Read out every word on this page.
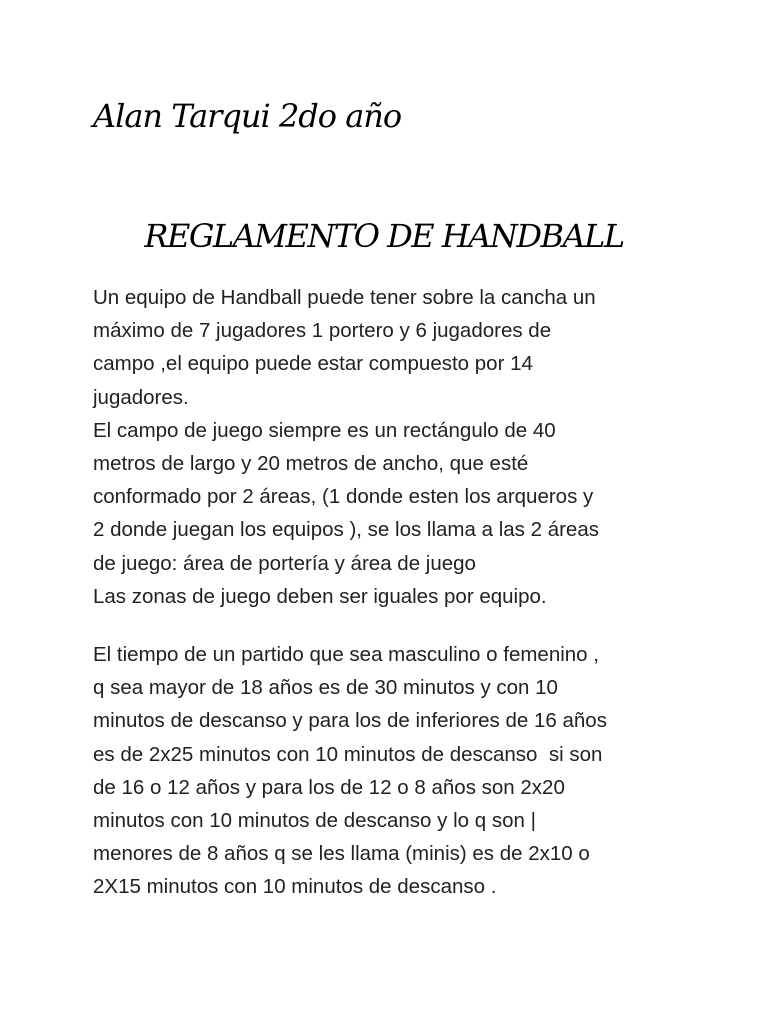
Alan Tarqui 2do año
REGLAMENTO DE HANDBALL
Un equipo de Handball puede tener sobre la cancha un
máximo de 7 jugadores 1 portero y 6 jugadores de
campo ,el equipo puede estar compuesto por 14
jugadores.
El campo de juego siempre es un rectángulo de 40
metros de largo y 20 metros de ancho, que esté
conformado por 2 áreas, (1 donde esten los arqueros y
2 donde juegan los equipos ), se los llama a las 2 áreas
de juego: área de portería y área de juego
Las zonas de juego deben ser iguales por equipo.
El tiempo de un partido que sea masculino o femenino ,
q sea mayor de 18 años es de 30 minutos y con 10
minutos de descanso y para los de inferiores de 16 años
es de 2x25 minutos con 10 minutos de descanso  si son
de 16 o 12 años y para los de 12 o 8 años son 2x20
minutos con 10 minutos de descanso y lo q son |
menores de 8 años q se les llama (minis) es de 2x10 o
2X15 minutos con 10 minutos de descanso .
